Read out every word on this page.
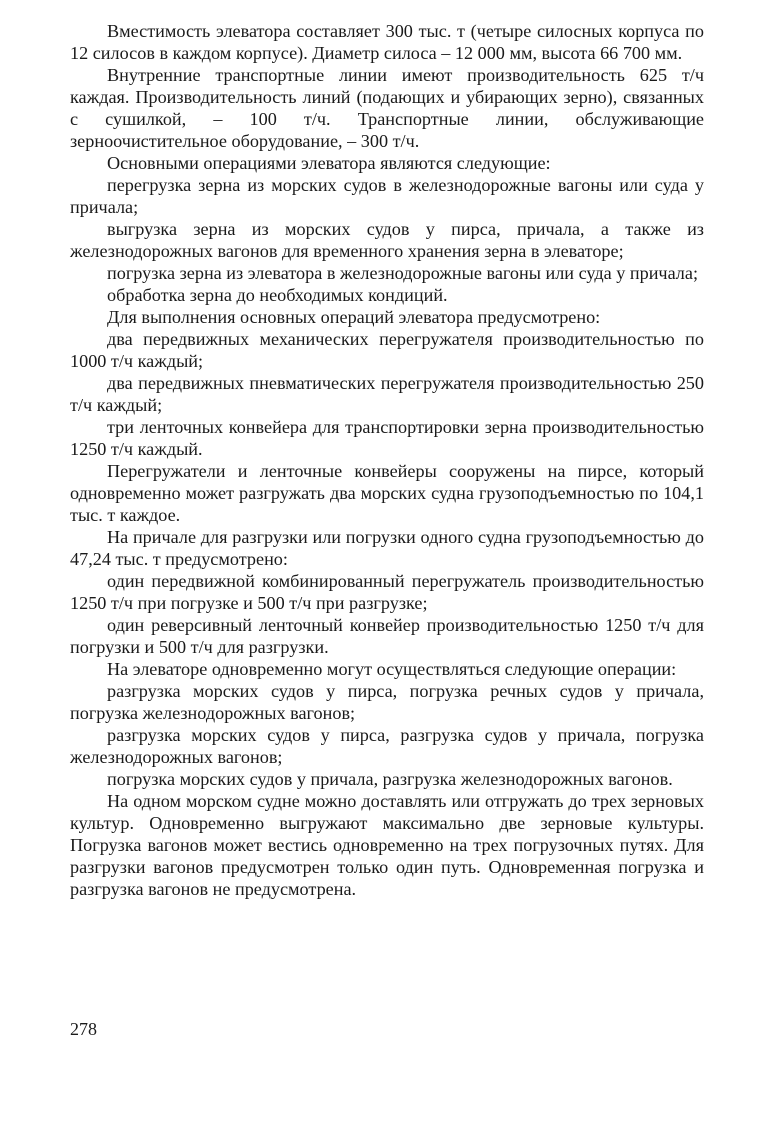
Вместимость элеватора составляет 300 тыс. т (четыре силосных корпуса по 12 силосов в каждом корпусе). Диаметр силоса – 12 000 мм, высота 66 700 мм.

Внутренние транспортные линии имеют производительность 625 т/ч каждая. Производительность линий (подающих и убирающих зерно), связанных с сушилкой, – 100 т/ч. Транспортные линии, обслуживающие зерноочистительное оборудование, – 300 т/ч.

Основными операциями элеватора являются следующие:

перегрузка зерна из морских судов в железнодорожные вагоны или суда у причала;

выгрузка зерна из морских судов у пирса, причала, а также из железнодорожных вагонов для временного хранения зерна в элеваторе;

погрузка зерна из элеватора в железнодорожные вагоны или суда у причала;

обработка зерна до необходимых кондиций.

Для выполнения основных операций элеватора предусмотрено:

два передвижных механических перегружателя производительностью по 1000 т/ч каждый;

два передвижных пневматических перегружателя производительностью 250 т/ч каждый;

три ленточных конвейера для транспортировки зерна производительностью 1250 т/ч каждый.

Перегружатели и ленточные конвейеры сооружены на пирсе, который одновременно может разгружать два морских судна грузоподъемностью по 104,1 тыс. т каждое.

На причале для разгрузки или погрузки одного судна грузоподъемностью до 47,24 тыс. т предусмотрено:

один передвижной комбинированный перегружатель производительностью 1250 т/ч при погрузке и 500 т/ч при разгрузке;

один реверсивный ленточный конвейер производительностью 1250 т/ч для погрузки и 500 т/ч для разгрузки.

На элеваторе одновременно могут осуществляться следующие операции:

разгрузка морских судов у пирса, погрузка речных судов у причала, погрузка железнодорожных вагонов;

разгрузка морских судов у пирса, разгрузка судов у причала, погрузка железнодорожных вагонов;

погрузка морских судов у причала, разгрузка железнодорожных вагонов.

На одном морском судне можно доставлять или отгружать до трех зерновых культур. Одновременно выгружают максимально две зерновые культуры. Погрузка вагонов может вестись одновременно на трех погрузочных путях. Для разгрузки вагонов предусмотрен только один путь. Одновременная погрузка и разгрузка вагонов не предусмотрена.

278
